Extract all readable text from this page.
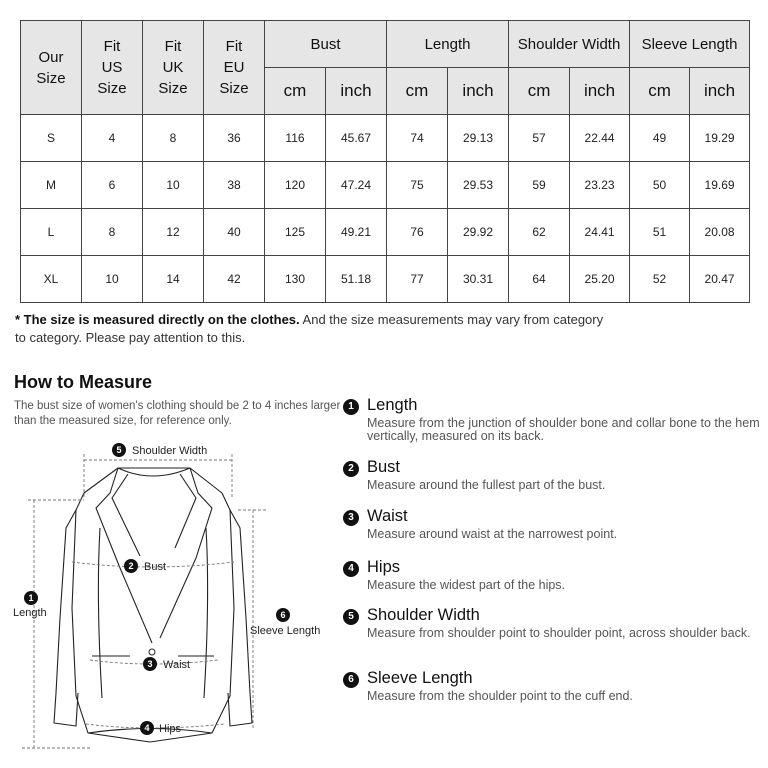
Our Size	Fit US Size	Fit UK Size	Fit EU Size	Bust		Length		Shoulder Width		Sleeve Length	
				cm	inch	cm	inch	cm	inch	cm	inch
S	4	8	36	116	45.67	74	29.13	57	22.44	49	19.29
M	6	10	38	120	47.24	75	29.53	59	23.23	50	19.69
L	8	12	40	125	49.21	76	29.92	62	24.41	51	20.08
XL	10	14	42	130	51.18	77	30.31	64	25.20	52	20.47
* The size is measured directly on the clothes. And the size measurements may vary from category to category. Please pay attention to this.
How to Measure
The bust size of women's clothing should be 2 to 4 inches larger than the measured size, for reference only.
5 Shoulder Width
2 Bust
1
Length	6
Sleeve Length
3 Waist
4 Hips
1 Length
Measure from the junction of shoulder bone and collar bone to the hem vertically, measured on its back.
2 Bust
Measure around the fullest part of the bust.
3 Waist
Measure around waist at the narrowest point.
4 Hips
Measure the widest part of the hips.
5 Shoulder Width
Measure from shoulder point to shoulder point, across shoulder back.
6 Sleeve Length
Measure from the shoulder point to the cuff end.
